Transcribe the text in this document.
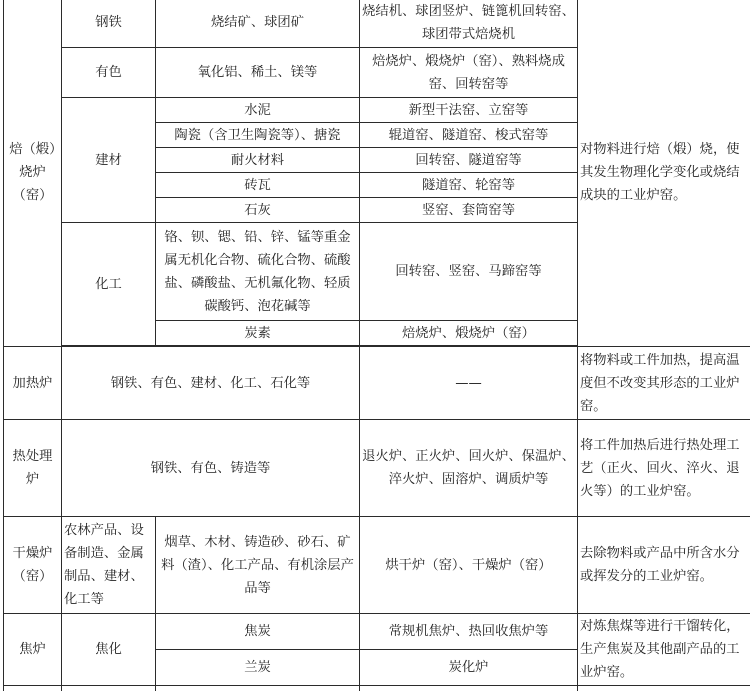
焙（煅）烧炉（窑）	钢铁	烧结矿、球团矿	烧结机、球团竖炉、链篦机回转窑、球团带式焙烧机	对物料进行焙（煅）烧，使其发生物理化学变化或烧结成块的工业炉窑。
	有色	氧化铝、稀土、镁等	焙烧炉、煅烧炉（窑）、熟料烧成窑、回转窑等	
	建材	水泥	新型干法窑、立窑等	
		陶瓷（含卫生陶瓷等）、搪瓷	辊道窑、隧道窑、梭式窑等	
		耐火材料	回转窑、隧道窑等	
		砖瓦	隧道窑、轮窑等	
		石灰	竖窑、套筒窑等	
	化工	铬、钡、锶、铅、锌、锰等重金属无机化合物、硫化合物、硫酸盐、磷酸盐、无机氟化物、轻质碳酸钙、泡花碱等	回转窑、竖窑、马蹄窑等	
		炭素	焙烧炉、煅烧炉（窑）	

加热炉	钢铁、有色、建材、化工、石化等		——	将物料或工件加热，提高温度但不改变其形态的工业炉窑。
热处理炉	钢铁、有色、铸造等		退火炉、正火炉、回火炉、保温炉、淬火炉、固溶炉、调质炉等	将工件加热后进行热处理工艺（正火、回火、淬火、退火等）的工业炉窑。
干燥炉（窑）	农林产品、设备制造、金属制品、建材、化工等	烟草、木材、铸造砂、砂石、矿料（渣）、化工产品、有机涂层产品等	烘干炉（窑）、干燥炉（窑）	去除物料或产品中所含水分或挥发分的工业炉窑。
焦炉	焦化	焦炭	常规机焦炉、热回收焦炉等	对炼焦煤等进行干馏转化，生产焦炭及其他副产品的工业炉窑。
		兰炭	炭化炉	
